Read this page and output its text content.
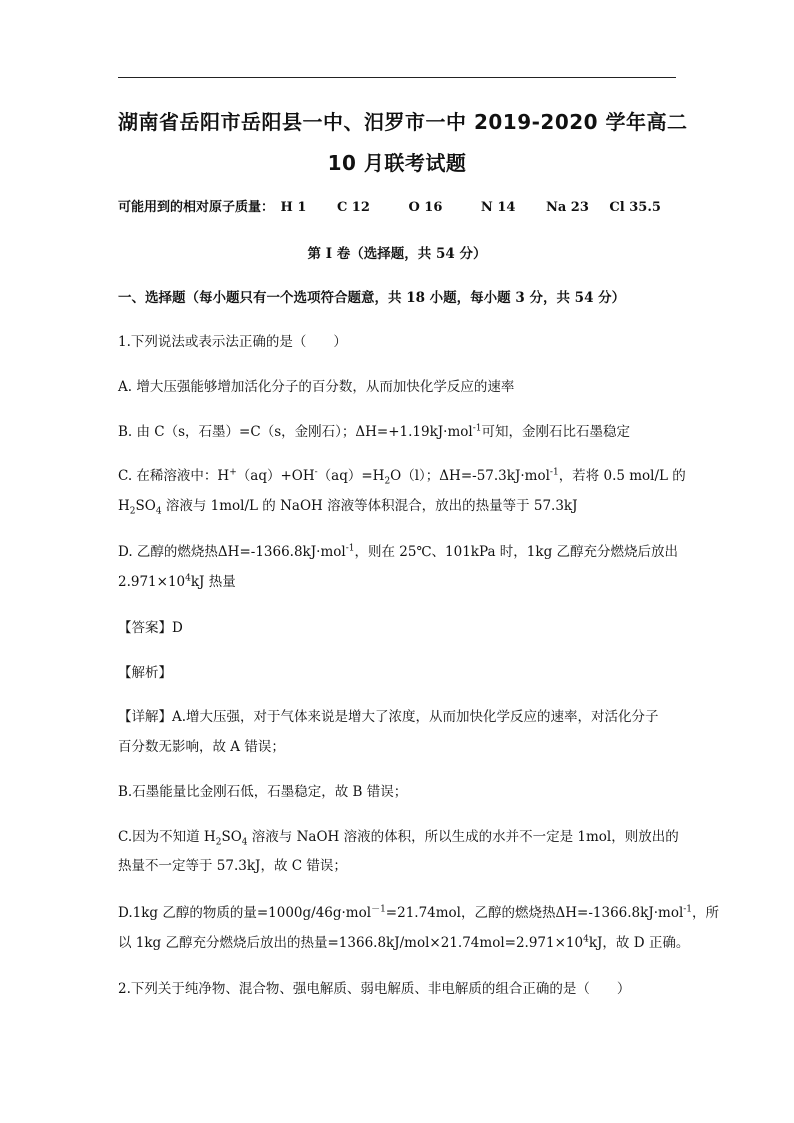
湖南省岳阳市岳阳县一中、汨罗市一中 2019-2020 学年高二
10 月联考试题
可能用到的相对原子质量： H 1 C 12	O 16	N 14 Na 23 Cl 35.5
第 I 卷（选择题，共 54 分）
一、选择题（每小题只有一个选项符合题意，共 18 小题，每小题 3 分，共 54 分）
1.下列说法或表示法正确的是（　　）
A. 增大压强能够增加活化分子的百分数，从而加快化学反应的速率
B. 由 C（s，石墨）=C（s，金刚石）；ΔH=+1.19kJ·mol$^{-1}$可知，金刚石比石墨稳定
C. 在稀溶液中：$H^+(aq)+OH^-(aq)=H_2O(l)$；ΔH=-57.3kJ·mol$^{-1}$，若将 0.5 mol/L 的
$H_2SO_4$ 溶液与 1mol/L 的 NaOH 溶液等体积混合，放出的热量等于 57.3kJ
D. 乙醇的燃烧热ΔH=-1366.8kJ·mol$^{-1}$，则在 25℃、101kPa 时，1kg 乙醇充分燃烧后放出
$2.971\times 10^4kJ$ 热量
【答案】D
【解析】
【详解】A.增大压强，对于气体来说是增大了浓度，从而加快化学反应的速率，对活化分子
百分数无影响，故 A 错误；
B.石墨能量比金刚石低，石墨稳定，故 B 错误；
C.因为不知道 $H_2SO_4$ 溶液与 NaOH 溶液的体积，所以生成的水并不一定是 1mol，则放出的
热量不一定等于 57.3kJ，故 C 错误；
D.1kg 乙醇的物质的量=1000g/46g·mol$^{-1}$=21.74mol，乙醇的燃烧热ΔH=-1366.8kJ·mol$^{-1}$，所
以 1kg 乙醇充分燃烧后放出的热量$=1366.8kJ/mol\times 21.74mol=2.971\times 10^4kJ$，故 D 正确。
2.下列关于纯净物、混合物、强电解质、弱电解质、非电解质的组合正确的是（　　）
